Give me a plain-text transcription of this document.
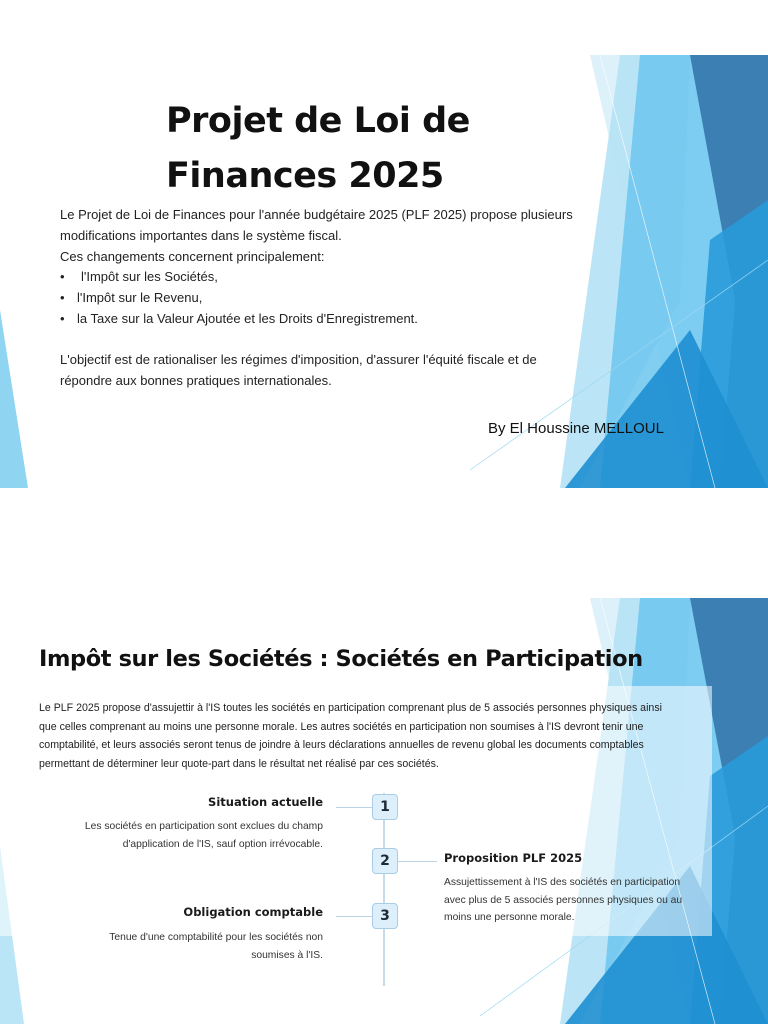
Projet de Loi de
Finances 2025
Le Projet de Loi de Finances pour l'année budgétaire 2025 (PLF 2025) propose plusieurs
modifications importantes dans le système fiscal.
Ces changements concernent principalement:
• l'Impôt sur les Sociétés,
• l'Impôt sur le Revenu,
• la Taxe sur la Valeur Ajoutée et les Droits d'Enregistrement.
L'objectif est de rationaliser les régimes d'imposition, d'assurer l'équité fiscale et de
répondre aux bonnes pratiques internationales.
By El Houssine MELLOUL
Impôt sur les Sociétés : Sociétés en Participation
Le PLF 2025 propose d'assujettir à l'IS toutes les sociétés en participation comprenant plus de 5 associés personnes physiques ainsi
que celles comprenant au moins une personne morale. Les autres sociétés en participation non soumises à l'IS devront tenir une
comptabilité, et leurs associés seront tenus de joindre à leurs déclarations annuelles de revenu global les documents comptables
permettant de déterminer leur quote-part dans le résultat net réalisé par ces sociétés.
1
Situation actuelle
Les sociétés en participation sont exclues du champ
d'application de l'IS, sauf option irrévocable.
2	Proposition PLF 2025
Assujettissement à l'IS des sociétés en participation
avec plus de 5 associés personnes physiques ou au
moins une personne morale.
3
Obligation comptable
Tenue d'une comptabilité pour les sociétés non
soumises à l'IS.
